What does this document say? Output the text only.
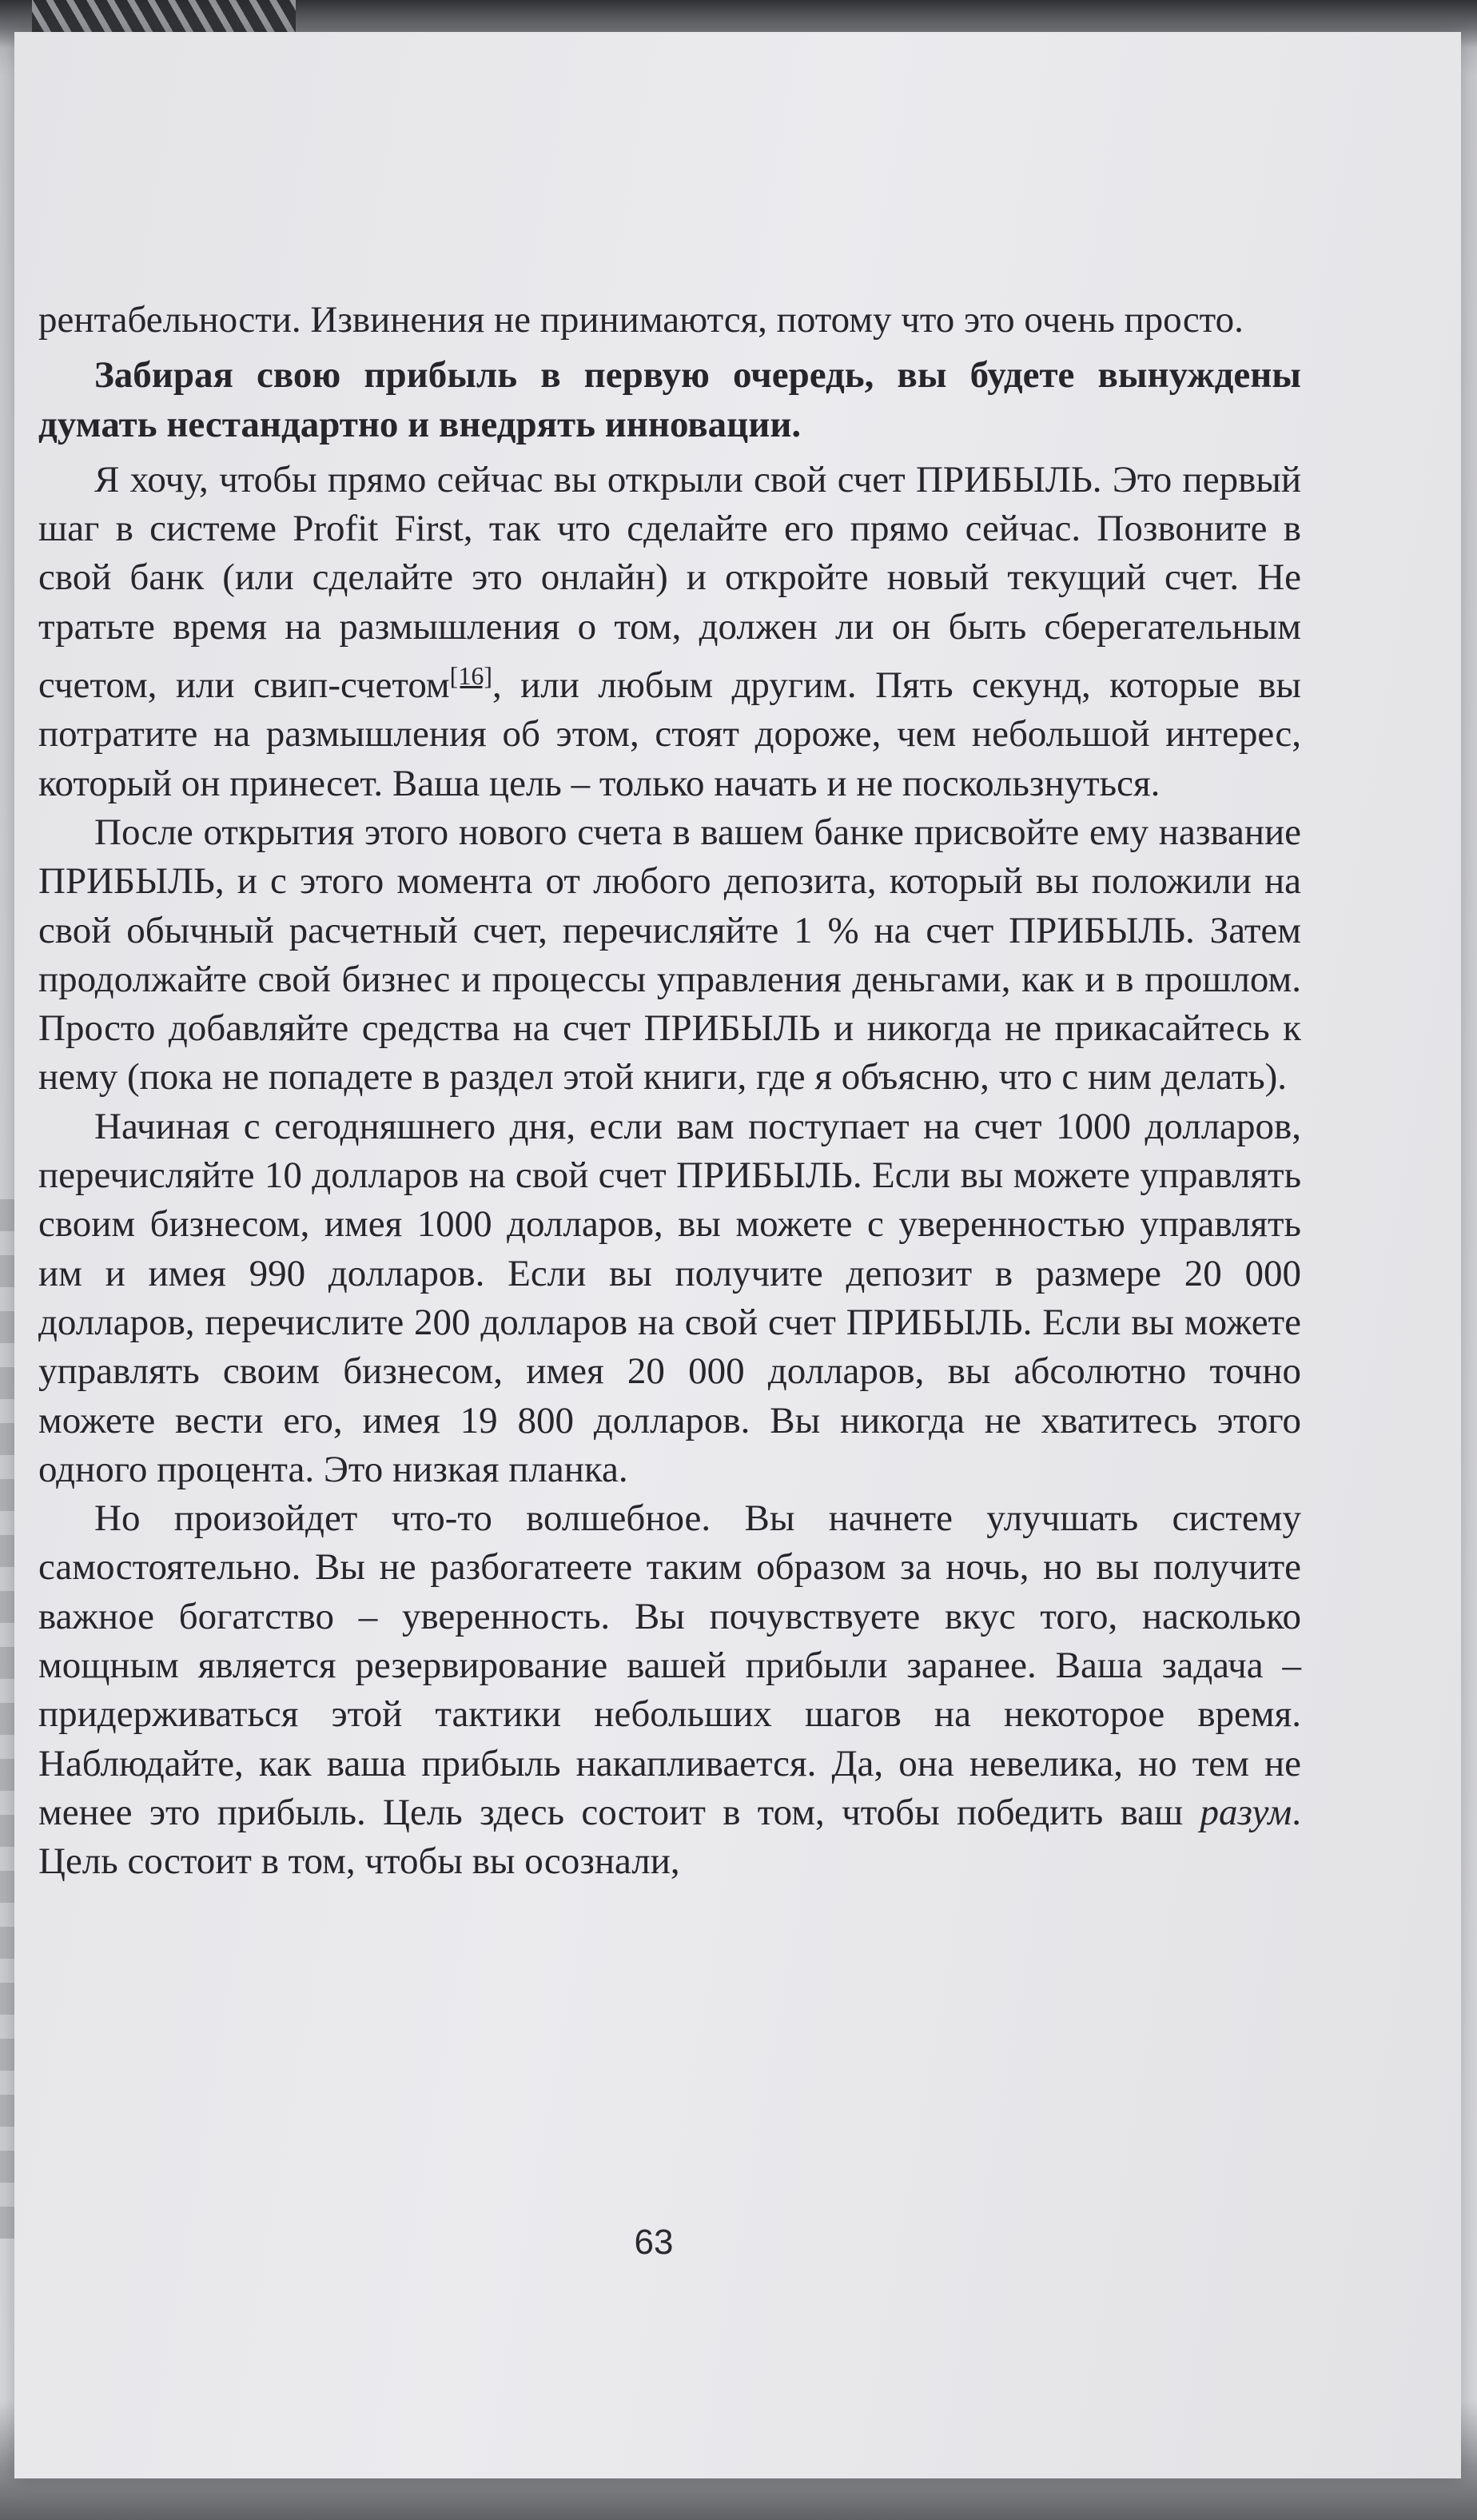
рентабельности. Извинения не принимаются, потому что это очень просто.

Забирая свою прибыль в первую очередь, вы будете вынуждены думать нестандартно и внедрять инновации.

Я хочу, чтобы прямо сейчас вы открыли свой счет ПРИБЫЛЬ. Это первый шаг в системе Profit First, так что сделайте его прямо сейчас. Позвоните в свой банк (или сделайте это онлайн) и откройте новый текущий счет. Не тратьте время на размышления о том, должен ли он быть сберегательным счетом, или свип-счетом[16], или любым другим. Пять секунд, которые вы потратите на размышления об этом, стоят дороже, чем небольшой интерес, который он принесет. Ваша цель – только начать и не поскользнуться.

После открытия этого нового счета в вашем банке присвойте ему название ПРИБЫЛЬ, и с этого момента от любого депозита, который вы положили на свой обычный расчетный счет, перечисляйте 1 % на счет ПРИБЫЛЬ. Затем продолжайте свой бизнес и процессы управления деньгами, как и в прошлом. Просто добавляйте средства на счет ПРИБЫЛЬ и никогда не прикасайтесь к нему (пока не попадете в раздел этой книги, где я объясню, что с ним делать).

Начиная с сегодняшнего дня, если вам поступает на счет 1000 долларов, перечисляйте 10 долларов на свой счет ПРИБЫЛЬ. Если вы можете управлять своим бизнесом, имея 1000 долларов, вы можете с уверенностью управлять им и имея 990 долларов. Если вы получите депозит в размере 20 000 долларов, перечислите 200 долларов на свой счет ПРИБЫЛЬ. Если вы можете управлять своим бизнесом, имея 20 000 долларов, вы абсолютно точно можете вести его, имея 19 800 долларов. Вы никогда не хватитесь этого одного процента. Это низкая планка.

Но произойдет что-то волшебное. Вы начнете улучшать систему самостоятельно. Вы не разбогатеете таким образом за ночь, но вы получите важное богатство – уверенность. Вы почувствуете вкус того, насколько мощным является резервирование вашей прибыли заранее. Ваша задача – придерживаться этой тактики небольших шагов на некоторое время. Наблюдайте, как ваша прибыль накапливается. Да, она невелика, но тем не менее это прибыль. Цель здесь состоит в том, чтобы победить ваш разум. Цель состоит в том, чтобы вы осознали,

63
